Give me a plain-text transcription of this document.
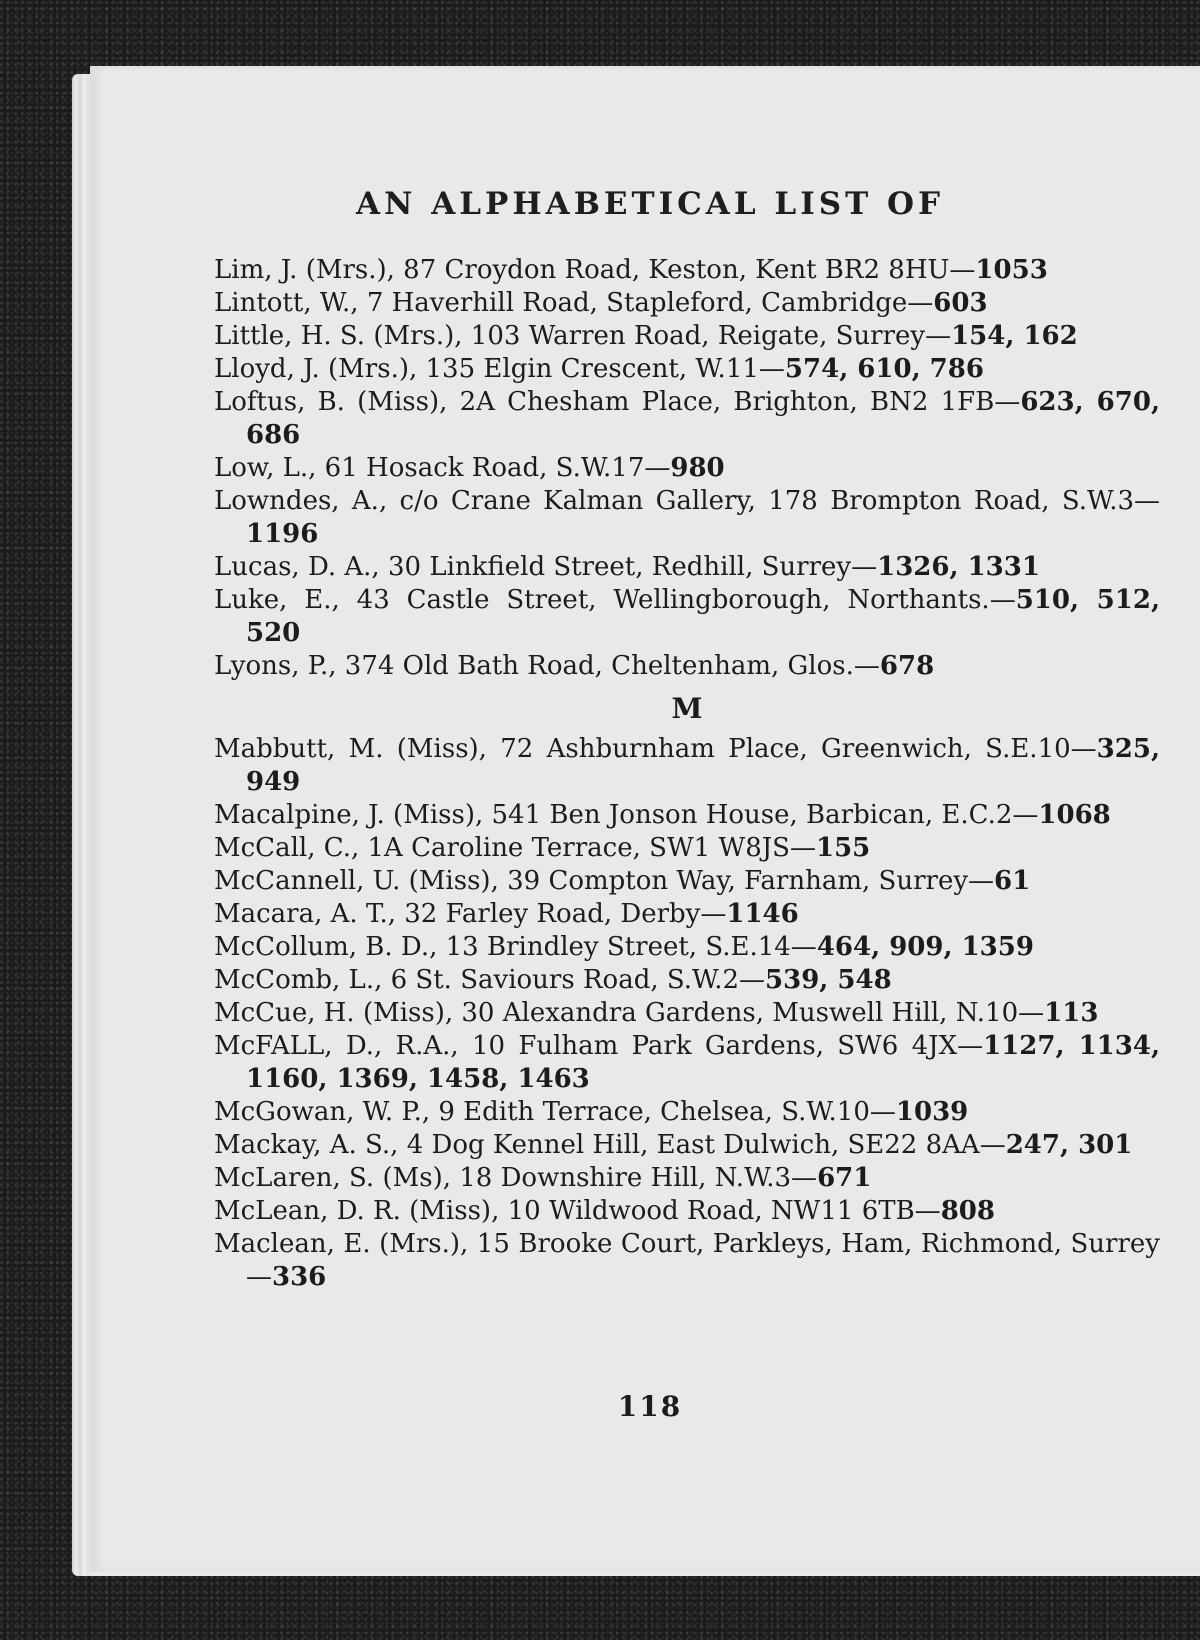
AN ALPHABETICAL LIST OF

Lim, J. (Mrs.), 87 Croydon Road, Keston, Kent BR2 8HU—1053

Lintott, W., 7 Haverhill Road, Stapleford, Cambridge—603

Little, H. S. (Mrs.), 103 Warren Road, Reigate, Surrey—154, 162

Lloyd, J. (Mrs.), 135 Elgin Crescent, W.11—574, 610, 786

Loftus, B. (Miss), 2A Chesham Place, Brighton, BN2 1FB—623, 670, 686

Low, L., 61 Hosack Road, S.W.17—980

Lowndes, A., c/o Crane Kalman Gallery, 178 Brompton Road, S.W.3—1196

Lucas, D. A., 30 Linkfield Street, Redhill, Surrey—1326, 1331

Luke, E., 43 Castle Street, Wellingborough, Northants.—510, 512, 520

Lyons, P., 374 Old Bath Road, Cheltenham, Glos.—678

M

Mabbutt, M. (Miss), 72 Ashburnham Place, Greenwich, S.E.10—325, 949

Macalpine, J. (Miss), 541 Ben Jonson House, Barbican, E.C.2—1068

McCall, C., 1A Caroline Terrace, SW1 W8JS—155

McCannell, U. (Miss), 39 Compton Way, Farnham, Surrey—61

Macara, A. T., 32 Farley Road, Derby—1146

McCollum, B. D., 13 Brindley Street, S.E.14—464, 909, 1359

McComb, L., 6 St. Saviours Road, S.W.2—539, 548

McCue, H. (Miss), 30 Alexandra Gardens, Muswell Hill, N.10—113

McFALL, D., R.A., 10 Fulham Park Gardens, SW6 4JX—1127, 1134, 1160, 1369, 1458, 1463

McGowan, W. P., 9 Edith Terrace, Chelsea, S.W.10—1039

Mackay, A. S., 4 Dog Kennel Hill, East Dulwich, SE22 8AA—247, 301

McLaren, S. (Ms), 18 Downshire Hill, N.W.3—671

McLean, D. R. (Miss), 10 Wildwood Road, NW11 6TB—808

Maclean, E. (Mrs.), 15 Brooke Court, Parkleys, Ham, Richmond, Surrey—336

118
